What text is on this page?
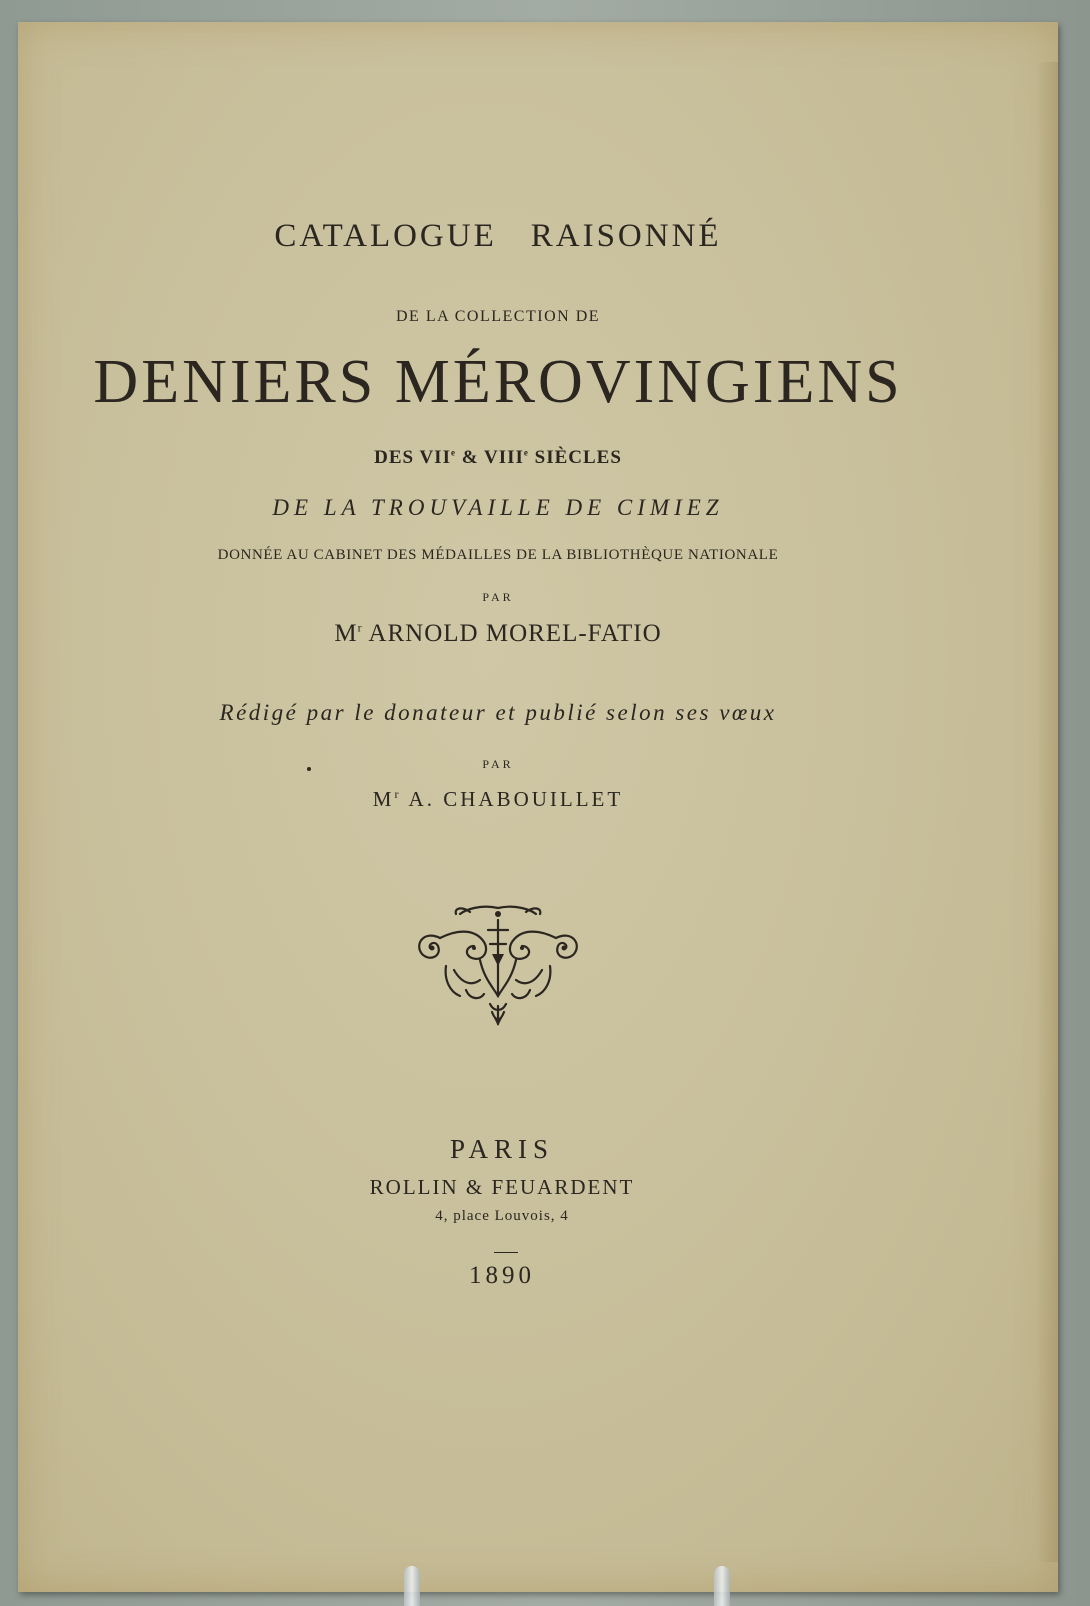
CATALOGUE RAISONNÉ
DE LA COLLECTION DE
DENIERS MÉROVINGIENS
DES VIIe & VIIIe SIÈCLES
DE LA TROUVAILLE DE CIMIEZ
DONNÉE AU CABINET DES MÉDAILLES DE LA BIBLIOTHÈQUE NATIONALE
PAR
$M^r$ ARNOLD MOREL-FATIO
Rédigé par le donateur et publié selon ses vœux
PAR
$M^r$ A. CHABOUILLET
PARIS
ROLLIN & FEUARDENT
4, place Louvois, 4
1890
